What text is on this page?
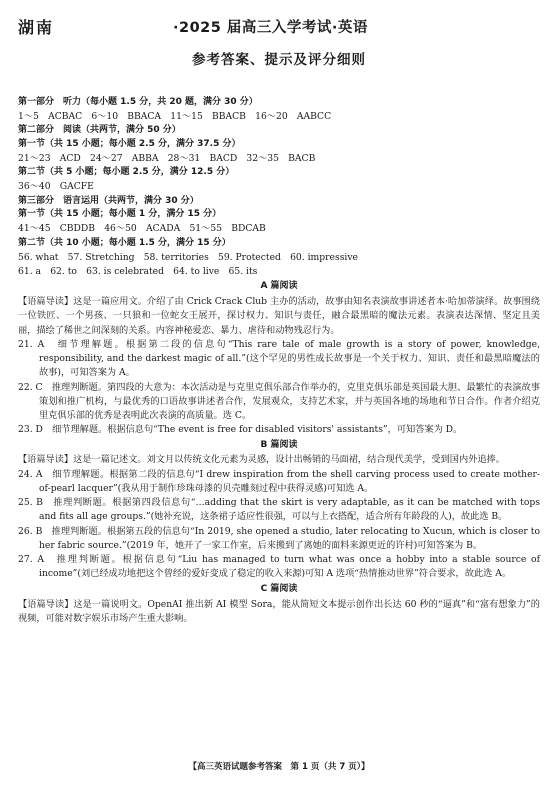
湖南	·2025 届高三入学考试·英语
参考答案、提示及评分细则
第一部分　听力（每小题 1.5 分，共 20 题，满分 30 分）
1～5　ACBAC　6～10　BBACA　11～15　BBACB　16～20　AABCC
第二部分　阅读（共两节，满分 50 分）
第一节（共 15 小题；每小题 2.5 分，满分 37.5 分）
21～23　ACD　24～27　ABBA　28～31　BACD　32～35　BACB
第二节（共 5 小题；每小题 2.5 分，满分 12.5 分）
36～40　GACFE
第三部分　语言运用（共两节，满分 30 分）
第一节（共 15 小题；每小题 1 分，满分 15 分）
41～45　CBDDB　46～50　ACADA　51～55　BDCAB
第二节（共 10 小题；每小题 1.5 分，满分 15 分）
56. what　57. Stretching　58. territories　59. Protected　60. impressive
61. a　62. to　63. is celebrated　64. to live　65. its
A 篇阅读
【语篇导读】这是一篇应用文。介绍了由 Crick Crack Club 主办的活动，故事由知名表演故事讲述者本·哈加蒂演绎。故事围绕一位铁匠、一个男孩、一只狼和一位蛇女王展开，探讨权力、知识与责任，融合最黑暗的魔法元素。表演表达深情、坚定且美丽，描绘了稀世之间深刻的关系。内容神秘爱恋、暴力、虐待和动物残忍行为。
21. A　细节理解题。根据第二段的信息句“This rare tale of male growth is a story of power, knowledge, responsibility, and the darkest magic of all.”(这个罕见的男性成长故事是一个关于权力、知识、责任和最黑暗魔法的故事)，可知答案为 A。
22. C　推理判断题。第四段的大意为：本次活动是与克里克俱乐部合作举办的，克里克俱乐部是英国最大胆、最繁忙的表演故事策划和推广机构，与最优秀的口语故事讲述者合作，发展观众，支持艺术家，并与英国各地的场地和节日合作。作者介绍克里克俱乐部的优秀是表明此次表演的高质量。选 C。
23. D　细节理解题。根据信息句“The event is free for disabled visitors' assistants”，可知答案为 D。
B 篇阅读
【语篇导读】这是一篇记述文。刘文月以传统文化元素为灵感，设计出畅销的马面裙，结合现代美学，受到国内外追捧。
24. A　细节理解题。根据第二段的信息句“I drew inspiration from the shell carving process used to create mother-of-pearl lacquer”(我从用于制作珍珠母漆的贝壳雕刻过程中获得灵感)可知选 A。
25. B　推理判断题。根据第四段信息句“…adding that the skirt is very adaptable, as it can be matched with tops and fits all age groups.”(她补充说，这条裙子适应性很强，可以与上衣搭配，适合所有年龄段的人)，故此选 B。
26. B　推理判断题。根据第五段的信息句“In 2019, she opened a studio, later relocating to Xucun, which is closer to her fabric source.”(2019 年，她开了一家工作室，后来搬到了离她的面料来源更近的许村)可知答案为 B。
27. A　推理判断题。根据信息句“Liu has managed to turn what was once a hobby into a stable source of income”(刘已经成功地把这个曾经的爱好变成了稳定的收入来源)可知 A 选项“热情推动世界”符合要求，故此选 A。
C 篇阅读
【语篇导读】这是一篇说明文。OpenAI 推出新 AI 模型 Sora，能从简短文本提示创作出长达 60 秒的“逼真”和“富有想象力”的视频，可能对数字娱乐市场产生重大影响。
【高三英语试题参考答案　第 1 页（共 7 页）】
